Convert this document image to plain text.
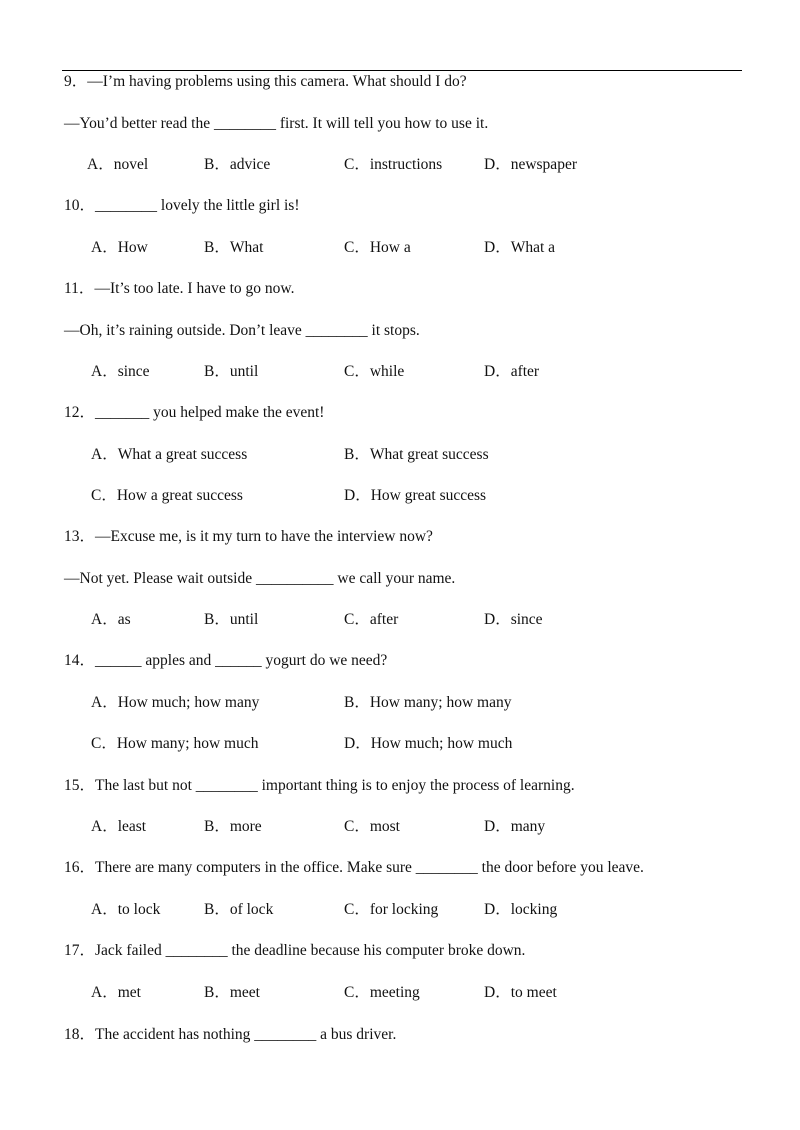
9．—I’m having problems using this camera. What should I do?
—You’d better read the ________ first. It will tell you how to use it.
A．novel	B．advice	C．instructions	D．newspaper
10．________ lovely the little girl is!
A．How	B．What	C．How a	D．What a
11．—It’s too late. I have to go now.
—Oh, it’s raining outside. Don’t leave ________ it stops.
A．since	B．until	C．while	D．after
12．_______ you helped make the event!
A．What a great success	B．What great success
C．How a great success	D．How great success
13．—Excuse me, is it my turn to have the interview now?
—Not yet. Please wait outside __________ we call your name.
A．as	B．until	C．after	D．since
14．______ apples and ______ yogurt do we need?
A．How much; how many	B．How many; how many
C．How many; how much	D．How much; how much
15．The last but not ________ important thing is to enjoy the process of learning.
A．least	B．more	C．most	D．many
16．There are many computers in the office. Make sure ________ the door before you leave.
A．to lock	B．of lock	C．for locking	D．locking
17．Jack failed ________ the deadline because his computer broke down.
A．met	B．meet	C．meeting	D．to meet
18．The accident has nothing ________ a bus driver.
